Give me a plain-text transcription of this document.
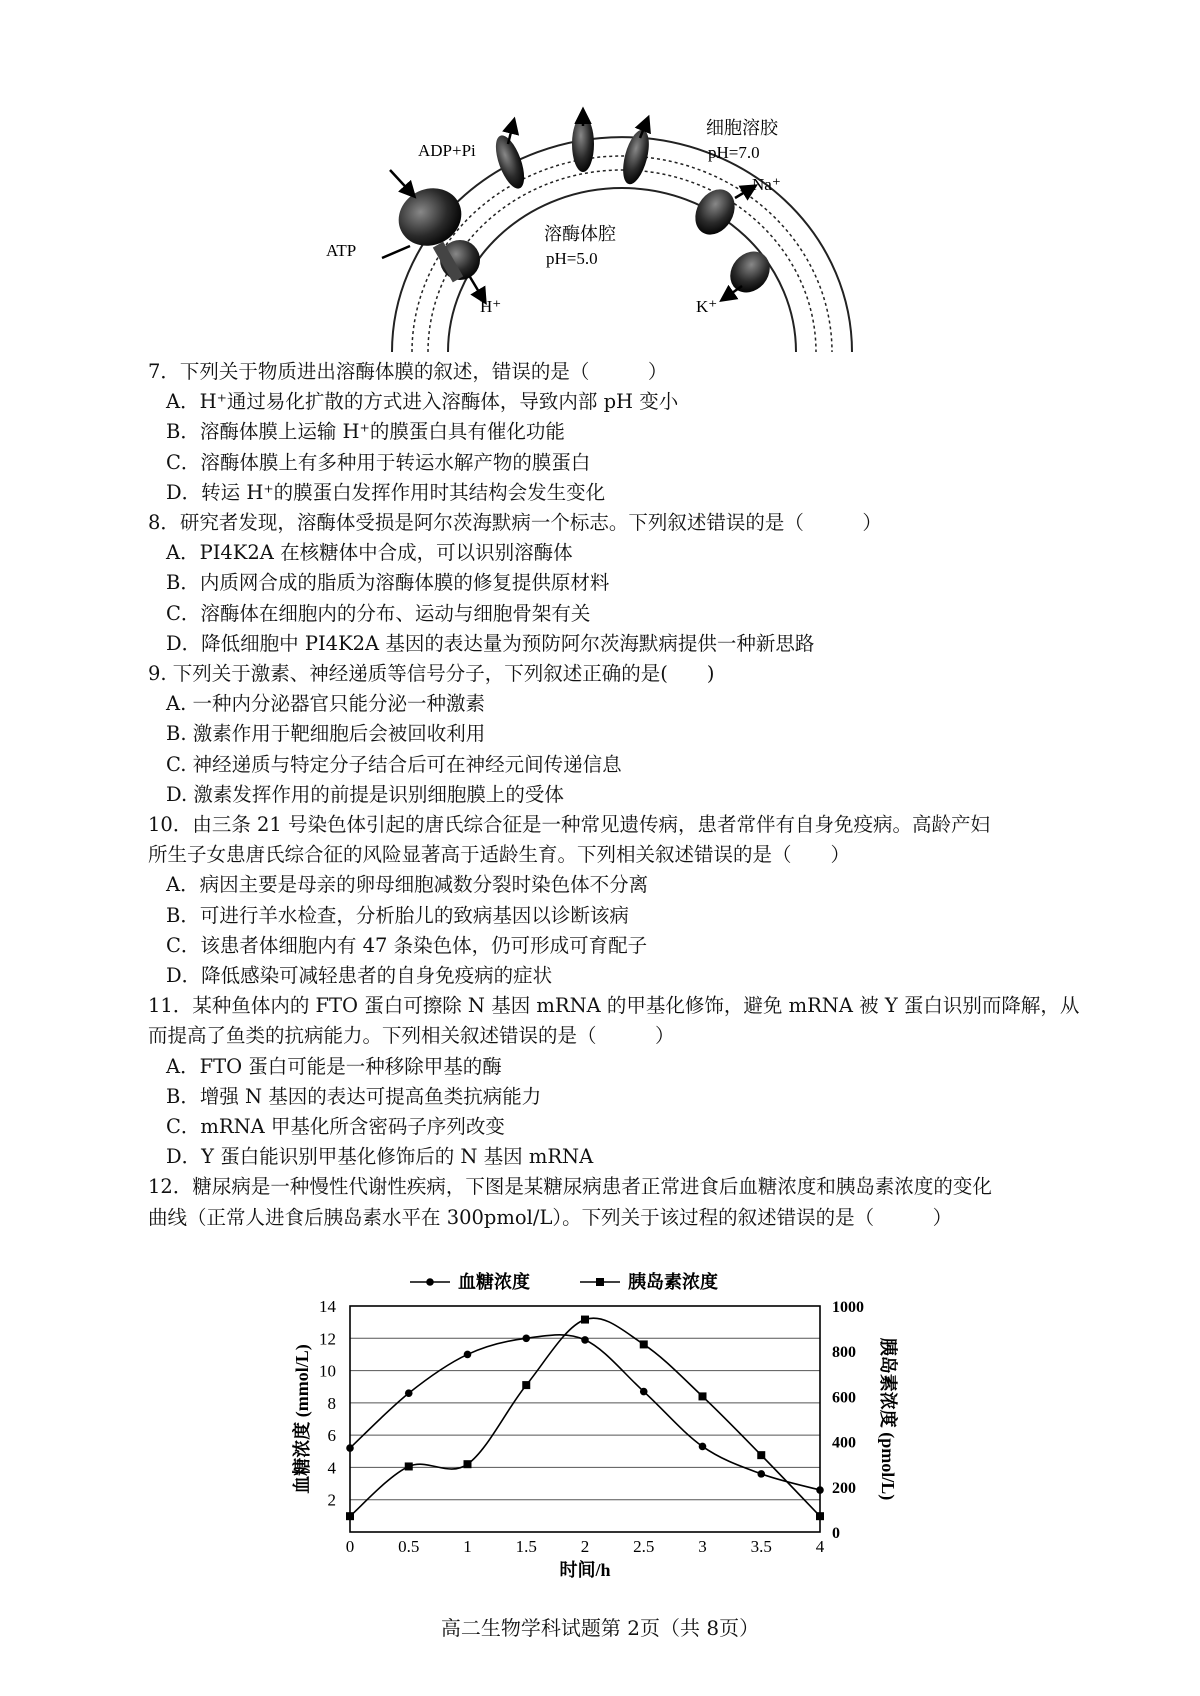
ADP+Pi
ATP
H⁺
细胞溶胶
pH=7.0
Na⁺
K⁺
溶酶体腔
pH=5.0
7．下列关于物质进出溶酶体膜的叙述，错误的是（　　　）
A．H⁺通过易化扩散的方式进入溶酶体，导致内部 pH 变小
B．溶酶体膜上运输 H⁺的膜蛋白具有催化功能
C．溶酶体膜上有多种用于转运水解产物的膜蛋白
D．转运 H⁺的膜蛋白发挥作用时其结构会发生变化
8．研究者发现，溶酶体受损是阿尔茨海默病一个标志。下列叙述错误的是（　　　）
A．PI4K2A 在核糖体中合成，可以识别溶酶体
B．内质网合成的脂质为溶酶体膜的修复提供原材料
C．溶酶体在细胞内的分布、运动与细胞骨架有关
D．降低细胞中 PI4K2A 基因的表达量为预防阿尔茨海默病提供一种新思路
9. 下列关于激素、神经递质等信号分子，下列叙述正确的是(　　)
A. 一种内分泌器官只能分泌一种激素
B. 激素作用于靶细胞后会被回收利用
C. 神经递质与特定分子结合后可在神经元间传递信息
D. 激素发挥作用的前提是识别细胞膜上的受体
10．由三条 21 号染色体引起的唐氏综合征是一种常见遗传病，患者常伴有自身免疫病。高龄产妇
所生子女患唐氏综合征的风险显著高于适龄生育。下列相关叙述错误的是（　　）
A．病因主要是母亲的卵母细胞减数分裂时染色体不分离
B．可进行羊水检查，分析胎儿的致病基因以诊断该病
C．该患者体细胞内有 47 条染色体，仍可形成可育配子
D．降低感染可减轻患者的自身免疫病的症状
11．某种鱼体内的 FTO 蛋白可擦除 N 基因 mRNA 的甲基化修饰，避免 mRNA 被 Y 蛋白识别而降解，从
而提高了鱼类的抗病能力。下列相关叙述错误的是（　　　）
A．FTO 蛋白可能是一种移除甲基的酶
B．增强 N 基因的表达可提高鱼类抗病能力
C．mRNA 甲基化所含密码子序列改变
D．Y 蛋白能识别甲基化修饰后的 N 基因 mRNA
12．糖尿病是一种慢性代谢性疾病，下图是某糖尿病患者正常进食后血糖浓度和胰岛素浓度的变化
曲线（正常人进食后胰岛素水平在 300pmol/L）。下列关于该过程的叙述错误的是（　　　）
2
4
6
8
10
12
14
0
200
400
600
800
1000
0	0.5	1	1.5	2	2.5	3	3.5	4
时间/h
血糖浓度 (mmol/L)	胰岛素浓度 (pmol/L)
血糖浓度	胰岛素浓度
高二生物学科试题第 2页（共 8页）
